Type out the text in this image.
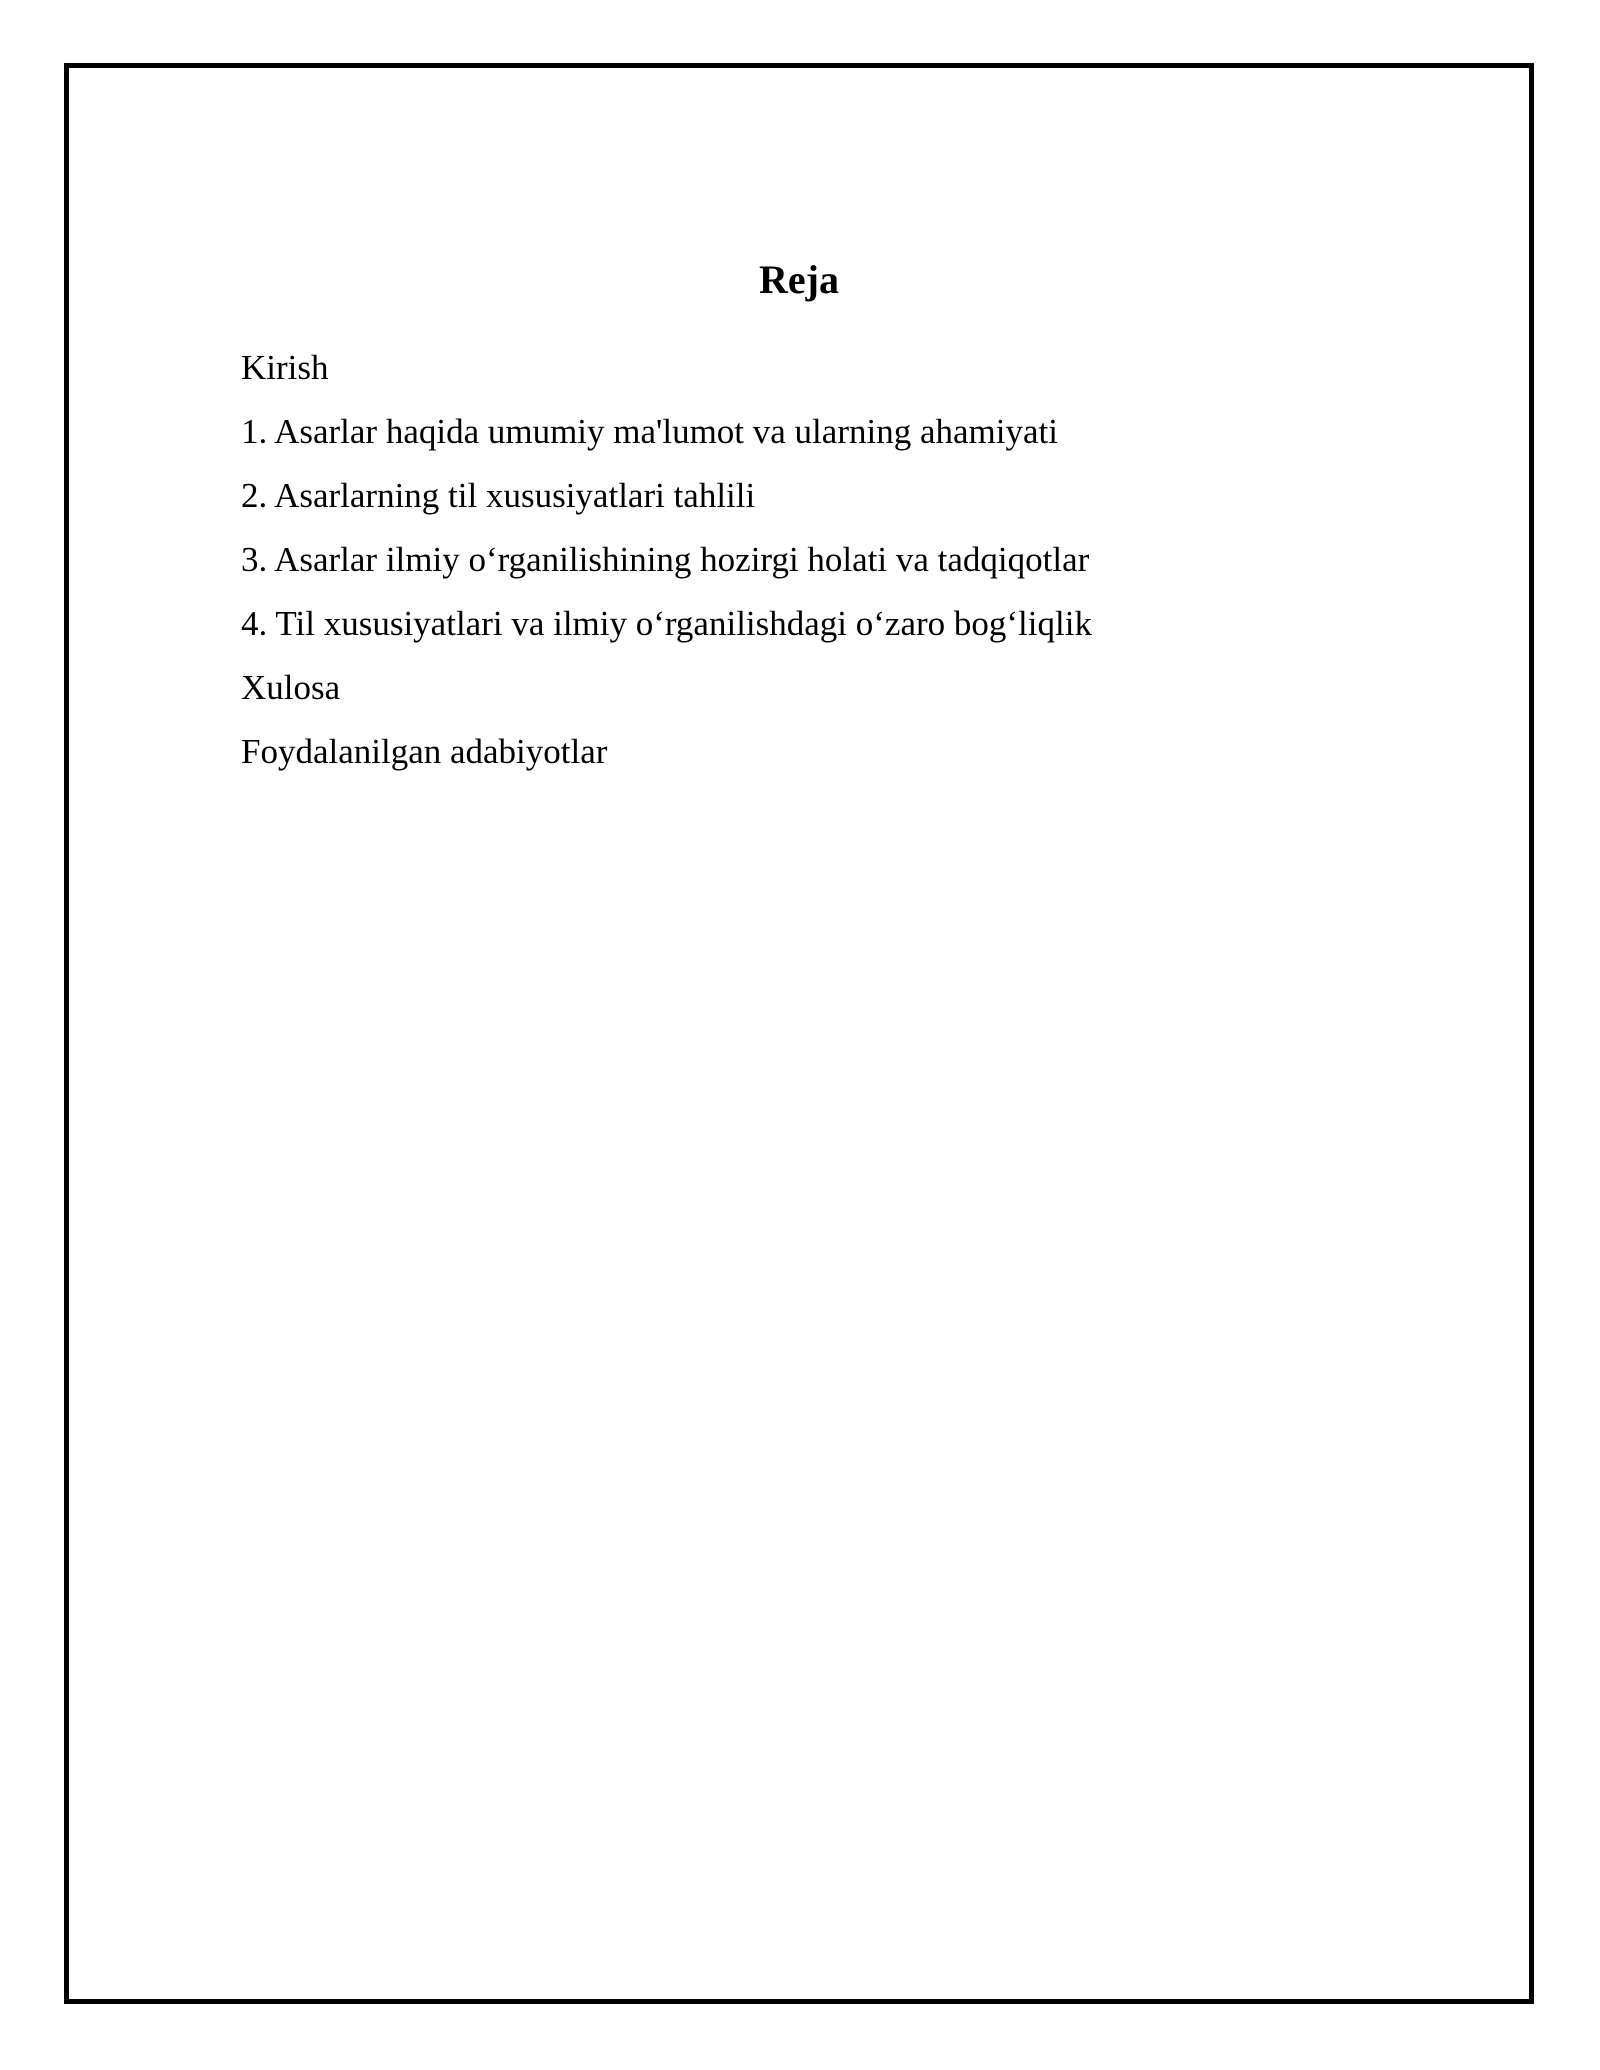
Reja
Kirish
1. Asarlar haqida umumiy ma'lumot va ularning ahamiyati
2. Asarlarning til xususiyatlari tahlili
3. Asarlar ilmiy o‘rganilishining hozirgi holati va tadqiqotlar
4. Til xususiyatlari va ilmiy o‘rganilishdagi o‘zaro bog‘liqlik
Xulosa
Foydalanilgan adabiyotlar
